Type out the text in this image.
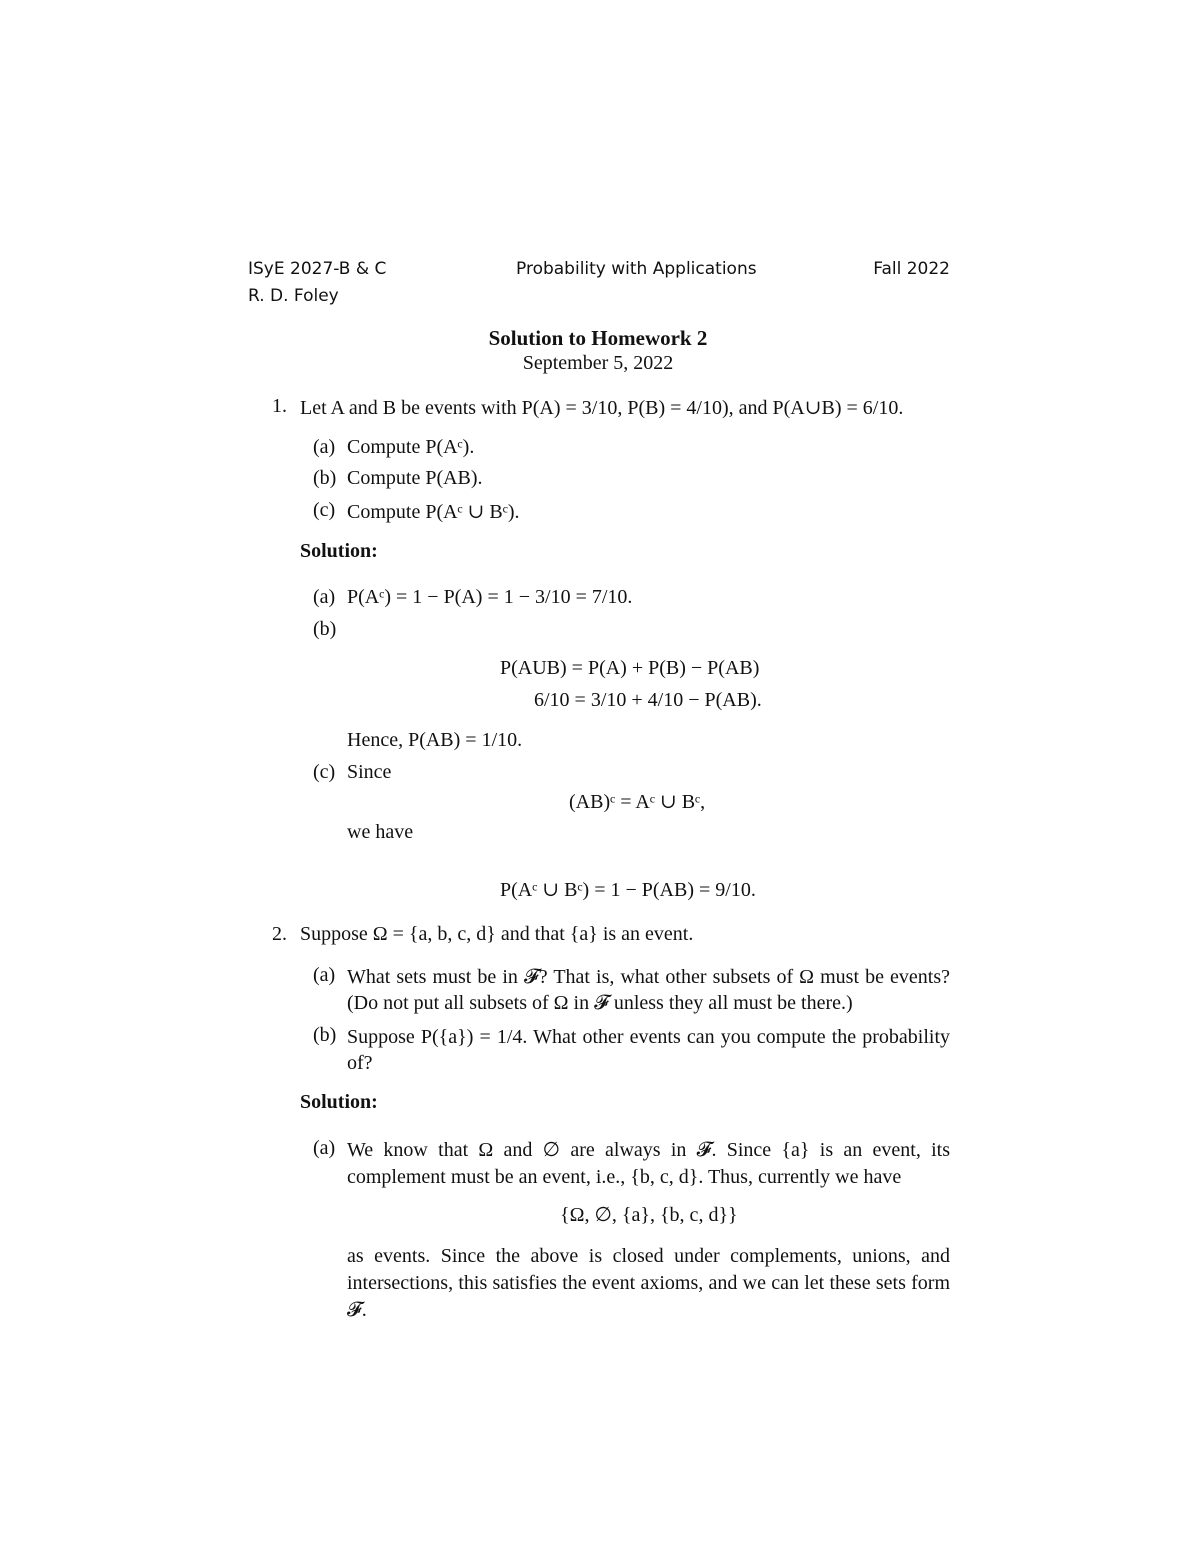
ISyE 2027-B & C
R. D. Foley
Probability with Applications	Fall 2022
Solution to Homework 2
September 5, 2022
1. Let A and B be events with P(A) = 3/10, P(B) = 4/10), and P(A∪B) = 6/10.
(a) Compute P(Aᶜ).
(b) Compute P(AB).
(c) Compute P(Aᶜ ∪ Bᶜ).
Solution:
(a) P(Aᶜ) = 1 − P(A) = 1 − 3/10 = 7/10.
(b)
P(AUB) = P(A) + P(B) − P(AB)
6/10 = 3/10 + 4/10 − P(AB).
Hence, P(AB) = 1/10.
(c) Since
(AB)ᶜ = Aᶜ ∪ Bᶜ,
we have
P(Aᶜ ∪ Bᶜ) = 1 − P(AB) = 9/10.
2. Suppose Ω = {a, b, c, d} and that {a} is an event.
(a) What sets must be in 𝓕? That is, what other subsets of Ω must be events? (Do not put all subsets of Ω in 𝓕 unless they all must be there.)
(b) Suppose P({a}) = 1/4. What other events can you compute the probability of?
Solution:
(a) We know that Ω and ∅ are always in 𝓕. Since {a} is an event, its complement must be an event, i.e., {b, c, d}. Thus, currently we have
{Ω, ∅, {a}, {b, c, d}}
as events. Since the above is closed under complements, unions, and intersections, this satisfies the event axioms, and we can let these sets form 𝓕.
